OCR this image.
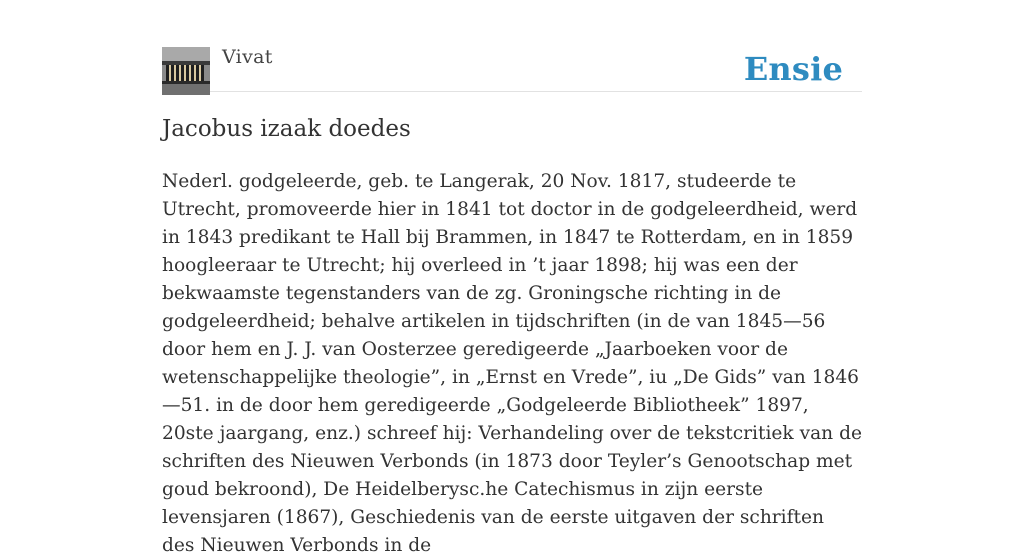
Vivat	Ensie
Jacobus izaak doedes

Nederl. godgeleerde, geb. te Langerak, 20 Nov. 1817, studeerde te Utrecht, promoveerde hier in 1841 tot doctor in de godgeleerdheid, werd in 1843 predikant te Hall bij Brammen, in 1847 te Rotterdam, en in 1859 hoogleeraar te Utrecht; hij overleed in ’t jaar 1898; hij was een der bekwaamste tegenstanders van de zg. Groningsche richting in de godgeleerdheid; behalve artikelen in tijdschriften (in de van 1845—56 door hem en J. J. van Oosterzee geredigeerde „Jaarboeken voor de wetenschappelijke theologie”, in „Ernst en Vrede”, iu „De Gids” van 1846—51. in de door hem geredigeerde „Godgeleerde Bibliotheek” 1897, 20ste jaargang, enz.) schreef hij: Verhandeling over de tekstcritiek van de schriften des Nieuwen Verbonds (in 1873 door Teyler’s Genootschap met goud bekroond), De Heidelberysc.he Catechismus in zijn eerste levensjaren (1867), Geschiedenis van de eerste uitgaven der schriften des Nieuwen Verbonds in de
